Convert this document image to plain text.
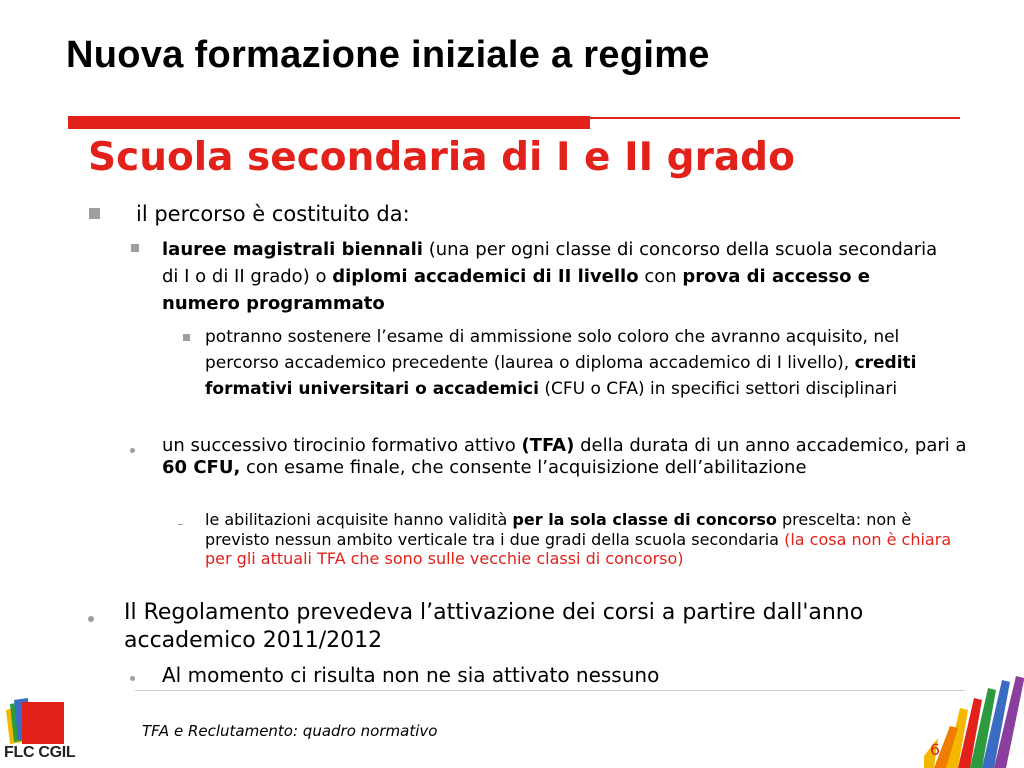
Nuova formazione iniziale a regime
Scuola secondaria di I e II grado

il percorso è costituito da:

lauree magistrali biennali (una per ogni classe di concorso della scuola secondaria di I o di II grado) o diplomi accademici di II livello con prova di accesso e numero programmato

potranno sostenere l’esame di ammissione solo coloro che avranno acquisito, nel percorso accademico precedente (laurea o diploma accademico di I livello), crediti formativi universitari o accademici (CFU o CFA) in specifici settori disciplinari

un successivo tirocinio formativo attivo (TFA) della durata di un anno accademico, pari a 60 CFU, con esame finale, che consente l’acquisizione dell’abilitazione

le abilitazioni acquisite hanno validità per la sola classe di concorso prescelta: non è previsto nessun ambito verticale tra i due gradi della scuola secondaria (la cosa non è chiara per gli attuali TFA che sono sulle vecchie classi di concorso)

Il Regolamento prevedeva l’attivazione dei corsi a partire dall'anno accademico 2011/2012

Al momento ci risulta non ne sia attivato nessuno

TFA e Reclutamento: quadro normativo
FLC CGIL	6
